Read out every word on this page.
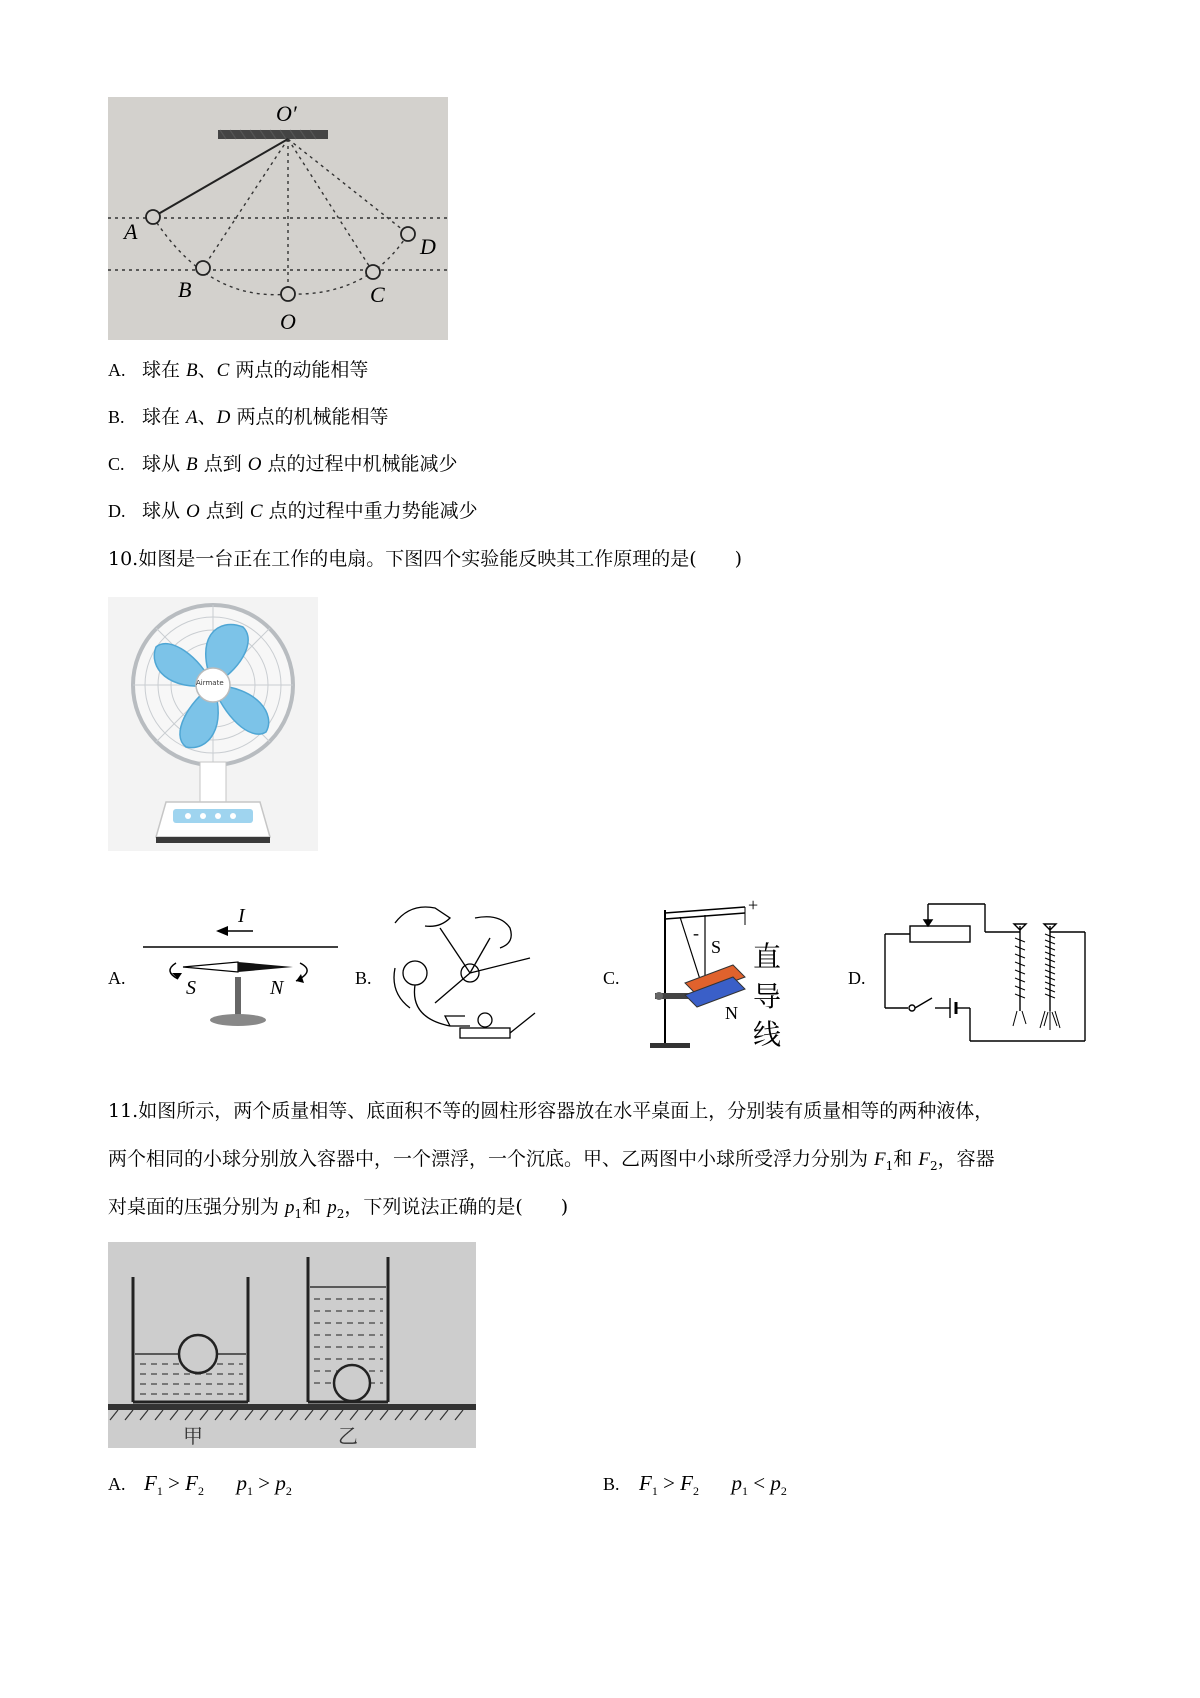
O′
A
B
O
C
D
A. 球在 B、C 两点的动能相等
B. 球在 A、D 两点的机械能相等
C. 球从 B 点到 O 点的过程中机械能减少
D. 球从 O 点到 C 点的过程中重力势能减少
10.如图是一台正在工作的电扇。下图四个实验能反映其工作原理的是(　　)
Airmate
A.
I
S	N	B.	C.
+
-
S
N
直
导
线
D.
11.如图所示，两个质量相等、底面积不等的圆柱形容器放在水平桌面上，分别装有质量相等的两种液体，
两个相同的小球分别放入容器中，一个漂浮，一个沉底。甲、乙两图中小球所受浮力分别为 $F_1$和 $F_2$，容器
对桌面的压强分别为 $p_1$和 $p_2$，下列说法正确的是(　　)
甲	乙
A. $F_1 > F_2$ $p_1 > p_2$	B. $F_1 > F_2$ $p_1 < p_2$
